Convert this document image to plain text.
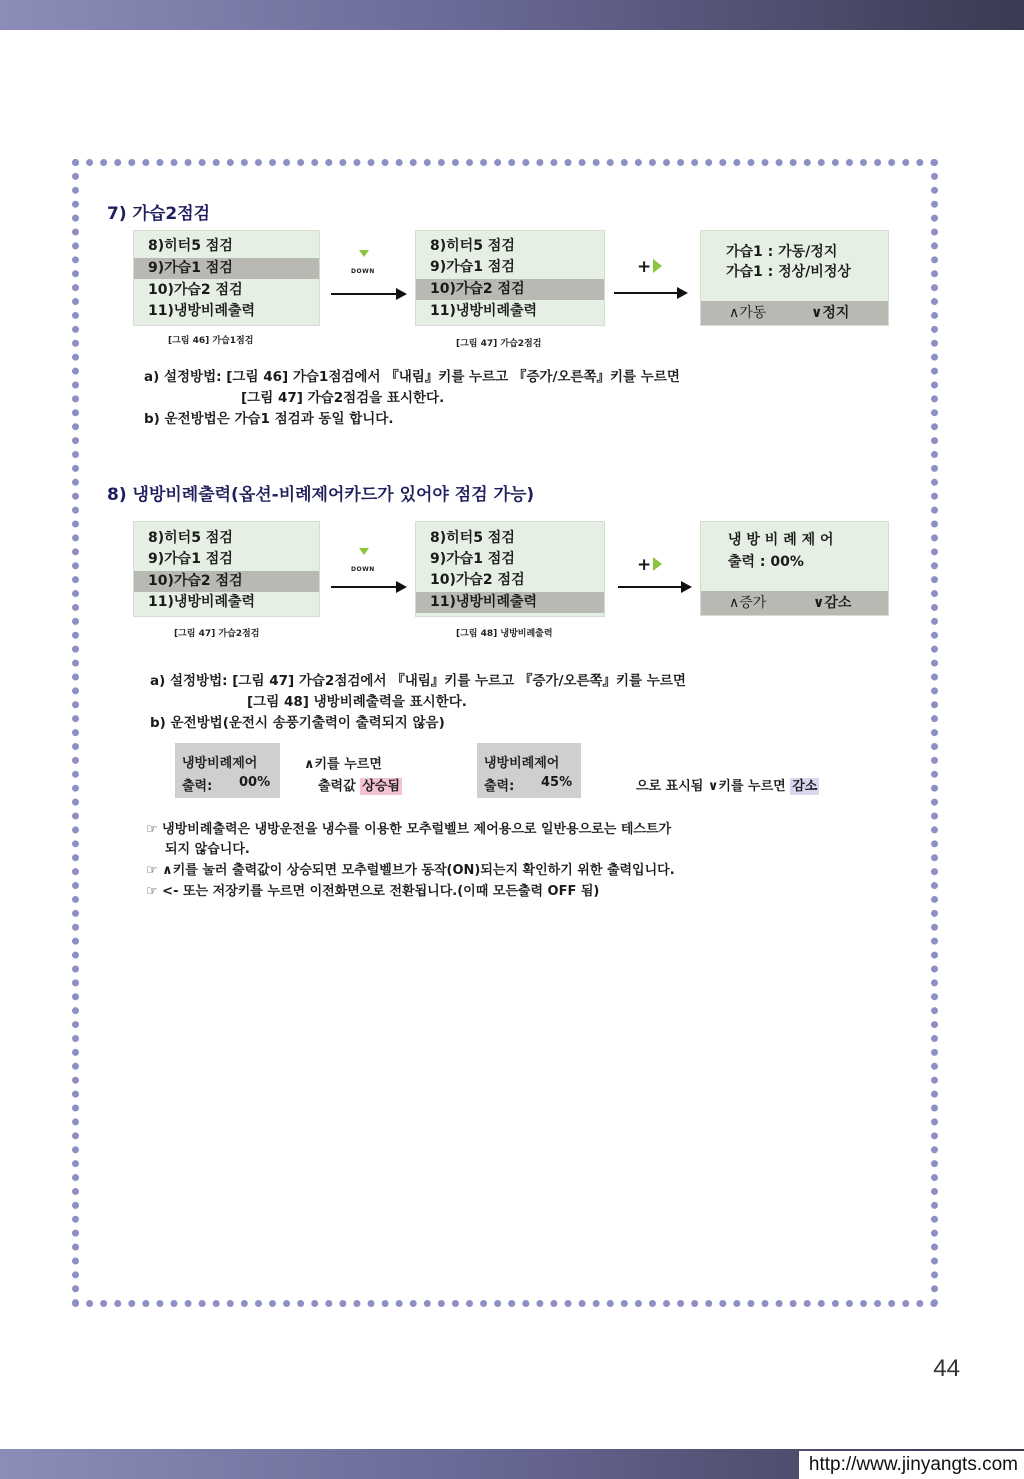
7) 가습2점검
8)히터5 점검
9)가습1 점검
10)가습2 점검
11)냉방비례출력
[그림 46] 가습1점검
DOWN
8)히터5 점검
9)가습1 점검
10)가습2 점검
11)냉방비례출력
[그림 47] 가습2점검
+
가습1 : 가동/정지
가습1 : 정상/비정상
∧가동	∨정지
a) 설정방법: [그림 46] 가습1점검에서 『내림』키를 누르고 『증가/오른쪽』키를 누르면
[그림 47] 가습2점검을 표시한다.
b) 운전방법은 가습1 점검과 동일 합니다.
8) 냉방비례출력(옵션-비례제어카드가 있어야 점검 가능)
8)히터5 점검
9)가습1 점검
10)가습2 점검
11)냉방비례출력
[그림 47] 가습2점검
DOWN
8)히터5 점검
9)가습1 점검
10)가습2 점검
11)냉방비례출력
[그림 48] 냉방비례출력
+
냉 방 비 례 제 어
출력 : 00%
∧증가	∨감소
a) 설정방법: [그림 47] 가습2점검에서 『내림』키를 누르고 『증가/오른쪽』키를 누르면
[그림 48] 냉방비례출력을 표시한다.
b) 운전방법(운전시 송풍기출력이 출력되지 않음)
냉방비례제어
출력: 00%
∧키를 누르면
출력값 상승됨
냉방비례제어
출력: 45%	으로 표시됨 ∨키를 누르면 감소
☞ 냉방비례출력은 냉방운전을 냉수를 이용한 모추럴벨브 제어용으로 일반용으로는 테스트가
되지 않습니다.
☞ ∧키를 눌러 출력값이 상승되면 모추럴벨브가 동작(ON)되는지 확인하기 위한 출력입니다.
☞ <- 또는 저장키를 누르면 이전화면으로 전환됩니다.(이때 모든출력 OFF 됨)
44
http://www.jinyangts.com
